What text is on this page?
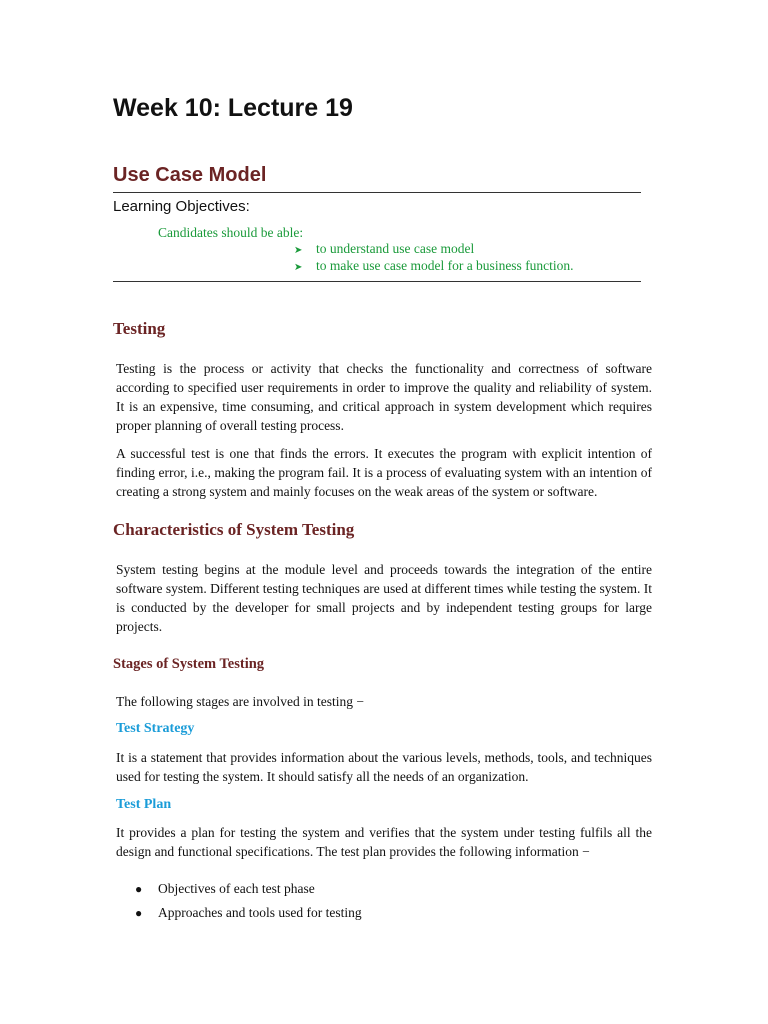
Week 10: Lecture 19
Use Case Model
Learning Objectives:
Candidates should be able:
➤ to understand use case model
➤ to make use case model for a business function.
Testing

Testing is the process or activity that checks the functionality and correctness of software according to specified user requirements in order to improve the quality and reliability of system. It is an expensive, time consuming, and critical approach in system development which requires proper planning of overall testing process.

A successful test is one that finds the errors. It executes the program with explicit intention of finding error, i.e., making the program fail. It is a process of evaluating system with an intention of creating a strong system and mainly focuses on the weak areas of the system or software.

Characteristics of System Testing

System testing begins at the module level and proceeds towards the integration of the entire software system. Different testing techniques are used at different times while testing the system. It is conducted by the developer for small projects and by independent testing groups for large projects.

Stages of System Testing

The following stages are involved in testing −

Test Strategy

It is a statement that provides information about the various levels, methods, tools, and techniques used for testing the system. It should satisfy all the needs of an organization.

Test Plan

It provides a plan for testing the system and verifies that the system under testing fulfils all the design and functional specifications. The test plan provides the following information −

● Objectives of each test phase
● Approaches and tools used for testing
